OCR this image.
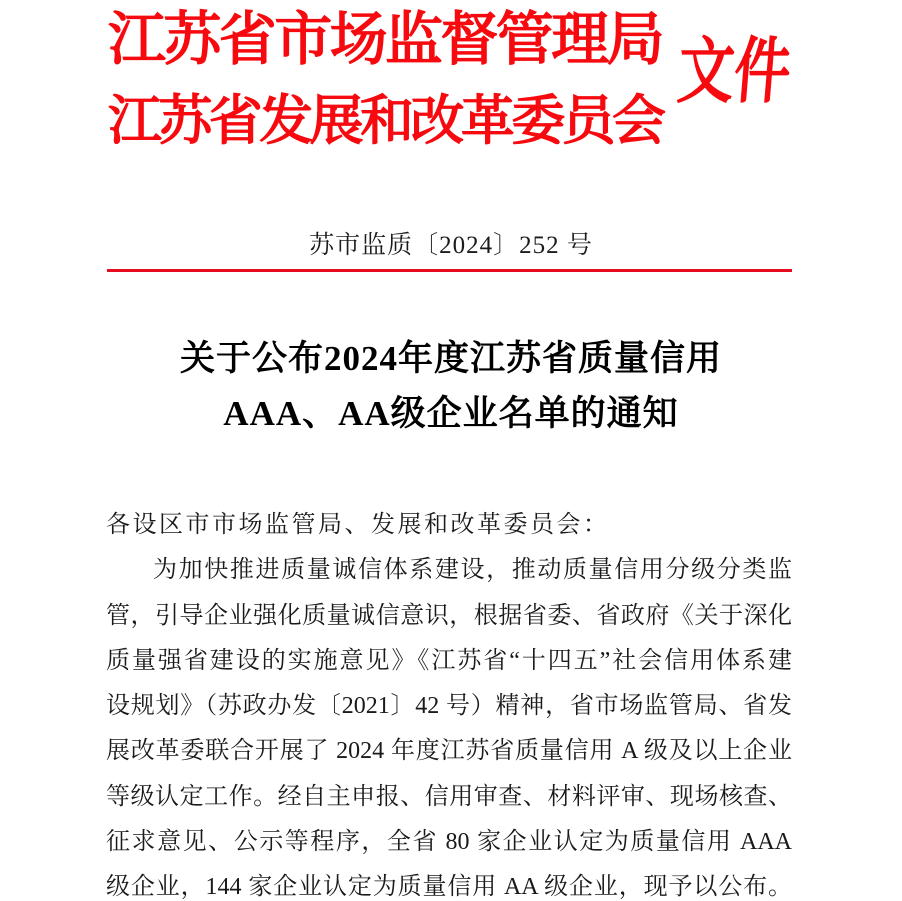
江苏省市场监督管理局
江苏省发展和改革委员会
文件
苏市监质〔2024〕252 号
关于公布2024年度江苏省质量信用
AAA、AA级企业名单的通知
各设区市市场监管局、发展和改革委员会：
为加快推进质量诚信体系建设，推动质量信用分级分类监
管，引导企业强化质量诚信意识，根据省委、省政府《关于深化
质量强省建设的实施意见》《江苏省“十四五”社会信用体系建
设规划》（苏政办发〔2021〕42 号）精神，省市场监管局、省发
展改革委联合开展了 2024 年度江苏省质量信用 A 级及以上企业
等级认定工作。经自主申报、信用审查、材料评审、现场核查、
征求意见、公示等程序，全省 80 家企业认定为质量信用 AAA
级企业，144 家企业认定为质量信用 AA 级企业，现予以公布。
